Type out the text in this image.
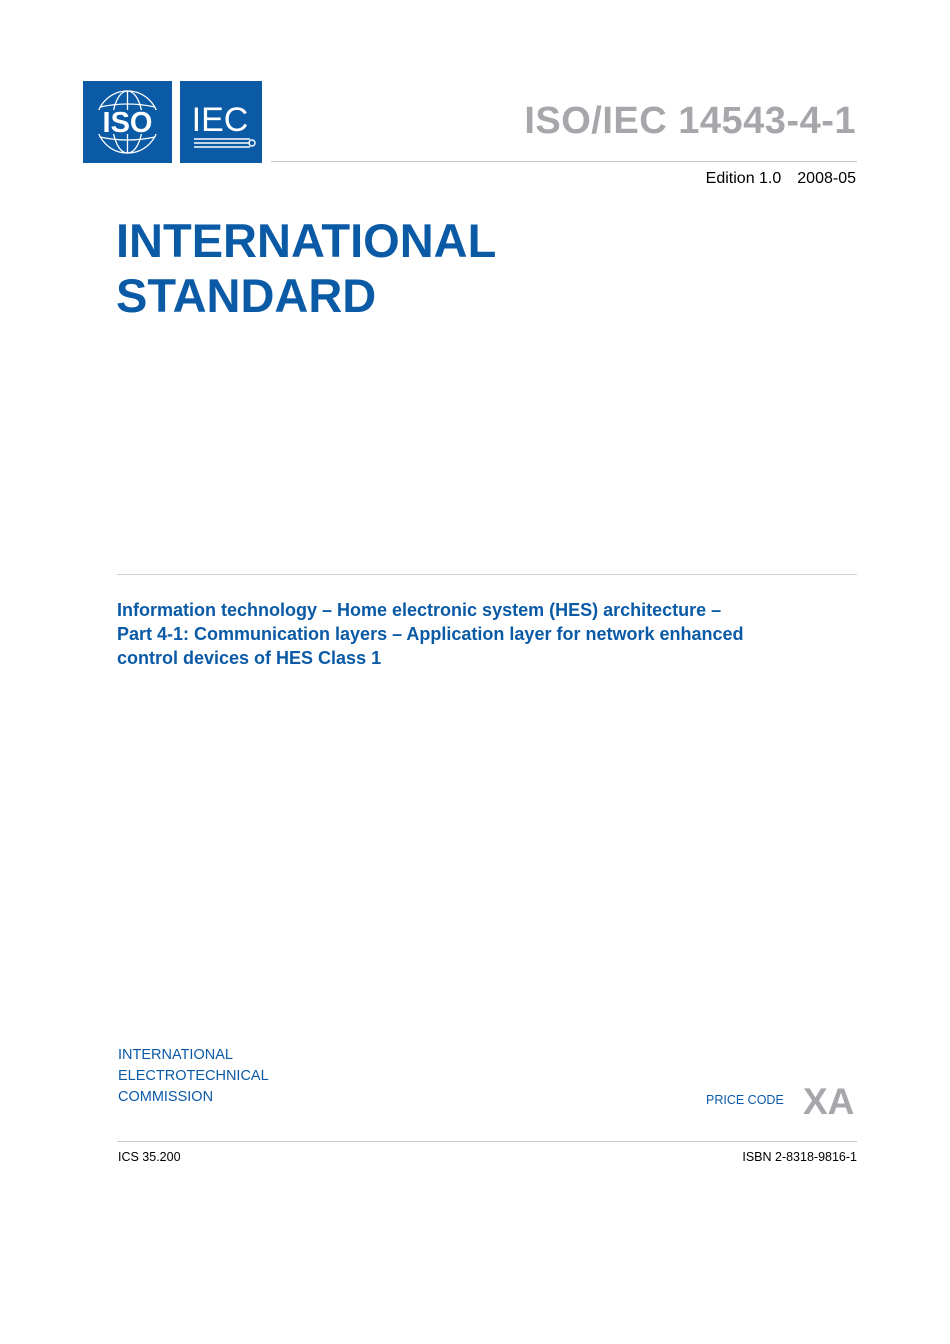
ISO IEC	ISO/IEC 14543-4-1
Edition 1.0 2008-05
INTERNATIONAL
STANDARD
Information technology – Home electronic system (HES) architecture –
Part 4-1: Communication layers – Application layer for network enhanced
control devices of HES Class 1
INTERNATIONAL
ELECTROTECHNICAL
COMMISSION	PRICE CODE XA
ICS 35.200	ISBN 2-8318-9816-1
